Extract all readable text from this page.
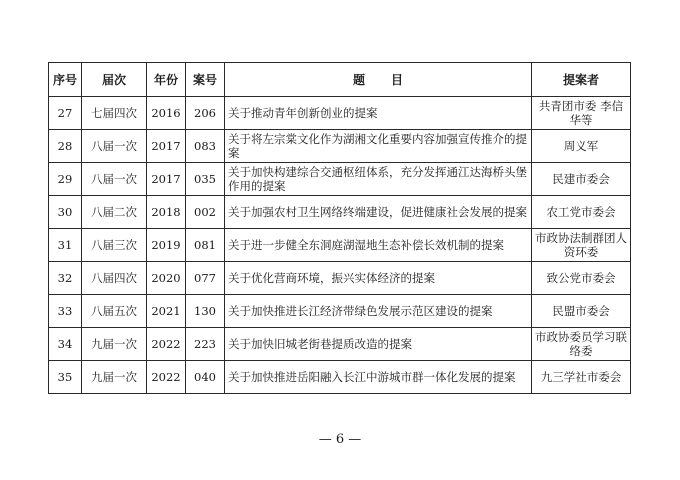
序号	届次	年份	案号	题 目	提案者
27	七届四次	2016	206	关于推动青年创新创业的提案	共青团市委 李信华等
28	八届一次	2017	083	关于将左宗棠文化作为湖湘文化重要内容加强宣传推介的提案	周义军
29	八届一次	2017	035	关于加快构建综合交通枢纽体系，充分发挥通江达海桥头堡作用的提案	民建市委会
30	八届二次	2018	002	关于加强农村卫生网络终端建设，促进健康社会发展的提案	农工党市委会
31	八届三次	2019	081	关于进一步健全东洞庭湖湿地生态补偿长效机制的提案	市政协法制群团人资环委
32	八届四次	2020	077	关于优化营商环境，振兴实体经济的提案	致公党市委会
33	八届五次	2021	130	关于加快推进长江经济带绿色发展示范区建设的提案	民盟市委会
34	九届一次	2022	223	关于加快旧城老街巷提质改造的提案	市政协委员学习联络委
35	九届一次	2022	040	关于加快推进岳阳融入长江中游城市群一体化发展的提案	九三学社市委会
— 6 —
